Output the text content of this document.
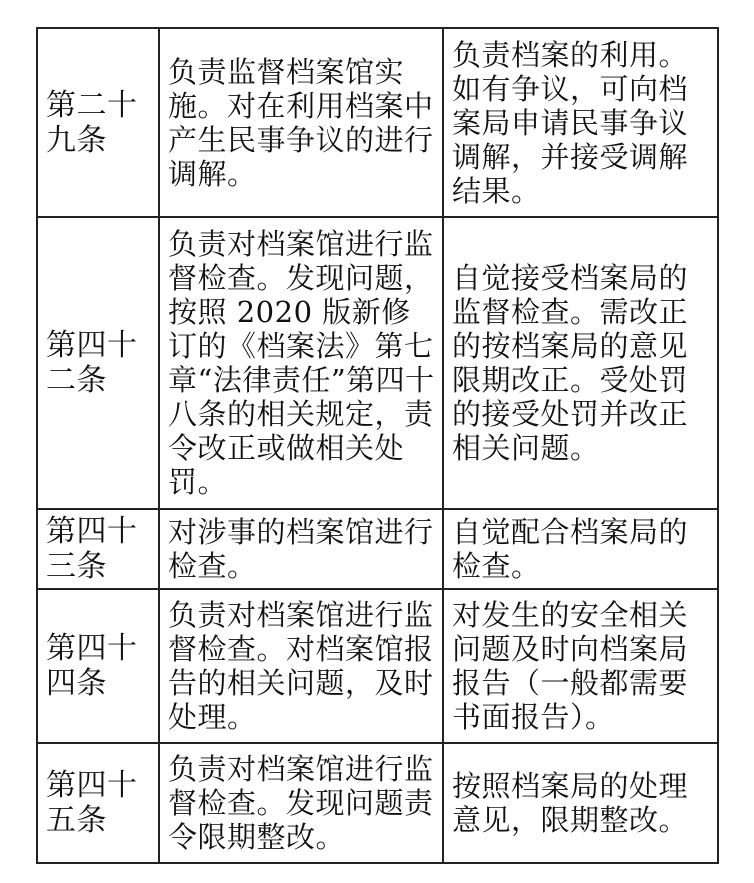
第二十九条	负责监督档案馆实施。对在利用档案中产生民事争议的进行调解。	负责档案的利用。如有争议，可向档案局申请民事争议调解，并接受调解结果。
第四十二条	负责对档案馆进行监督检查。发现问题，按照 2020 版新修订的《档案法》第七章“法律责任”第四十八条的相关规定，责令改正或做相关处罚。	自觉接受档案局的监督检查。需改正的按档案局的意见限期改正。受处罚的接受处罚并改正相关问题。
第四十三条	对涉事的档案馆进行检查。	自觉配合档案局的检查。
第四十四条	负责对档案馆进行监督检查。对档案馆报告的相关问题，及时处理。	对发生的安全相关问题及时向档案局报告（一般都需要书面报告）。
第四十五条	负责对档案馆进行监督检查。发现问题责令限期整改。	按照档案局的处理意见，限期整改。
